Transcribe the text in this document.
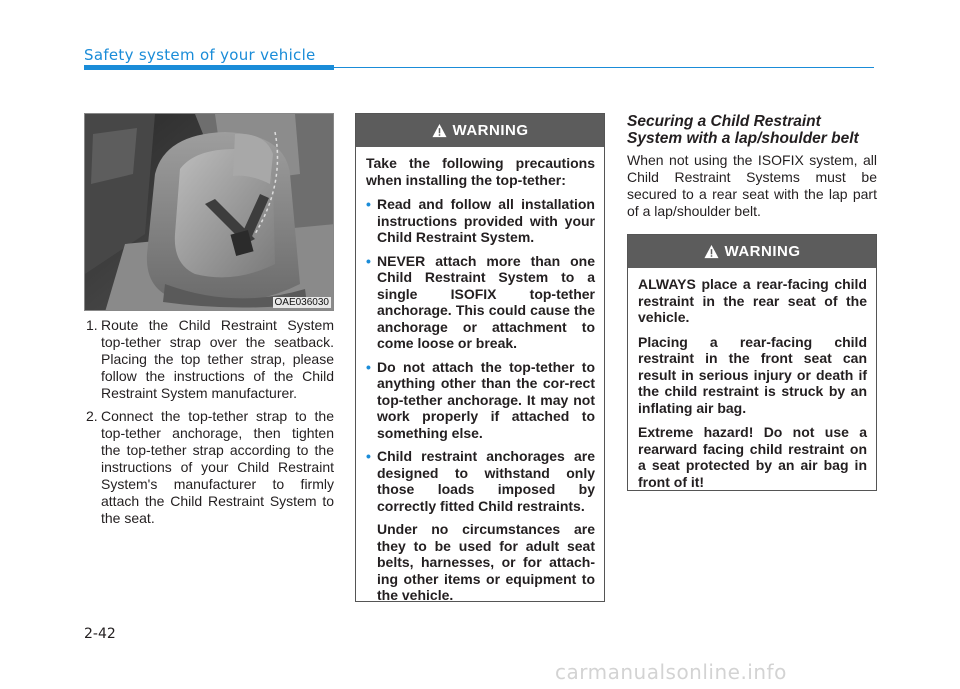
Safety system of your vehicle
OAE036030
1. Route the Child Restraint System top-tether strap over the seatback. Placing the top tether strap, please follow the instructions of the Child Restraint System manufacturer.
2. Connect the top-tether strap to the top-tether anchorage, then tighten the top-tether strap according to the instructions of your Child Restraint System's manufacturer to firmly attach the Child Restraint System to the seat.
WARNING

Take the following precautions when installing the top-tether:

• Read and follow all installation instructions provided with your Child Restraint System.
• NEVER attach more than one Child Restraint System to a single ISOFIX top-tether anchorage. This could cause the anchorage or attachment to come loose or break.
• Do not attach the top-tether to anything other than the cor-rect top-tether anchorage. It may not work properly if attached to something else.
• Child restraint anchorages are designed to withstand only those loads imposed by correctly fitted Child restraints.
Under no circumstances are they to be used for adult seat belts, harnesses, or for attach-ing other items or equipment to the vehicle.
Securing a Child Restraint System with a lap/shoulder belt
When not using the ISOFIX system, all Child Restraint Systems must be secured to a rear seat with the lap part of a lap/shoulder belt.
WARNING

ALWAYS place a rear-facing child restraint in the rear seat of the vehicle.

Placing a rear-facing child restraint in the front seat can result in serious injury or death if the child restraint is struck by an inflating air bag.

Extreme hazard! Do not use a rearward facing child restraint on a seat protected by an air bag in front of it!

2-42
carmanualsonline.info
